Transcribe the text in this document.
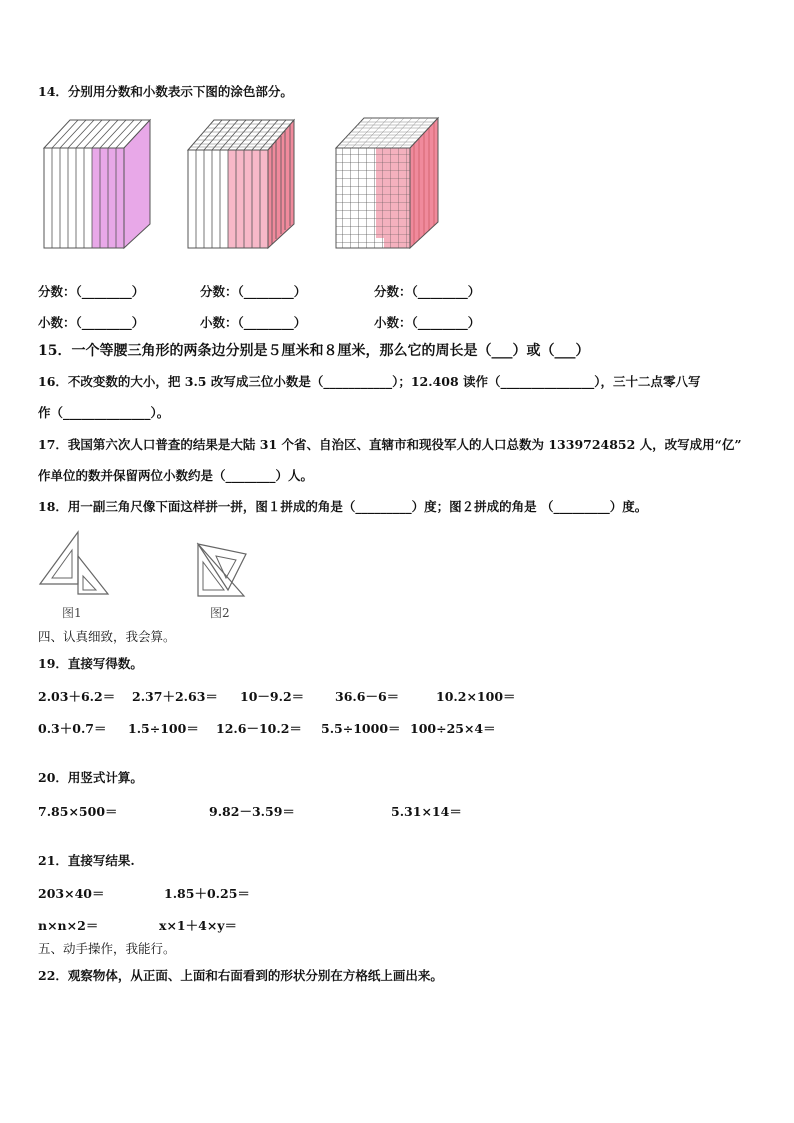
14．分别用分数和小数表示下图的涂色部分。
分数：（________）	分数：（________）	分数：（________）
小数：（________）	小数：（________）	小数：（________）
15．一个等腰三角形的两条边分别是５厘米和８厘米，那么它的周长是（___）或（___）
16．不改变数的大小，把 3.5 改写成三位小数是（___________）；12.408 读作（_______________），三十二点零八写
作（______________）。
17．我国第六次人口普查的结果是大陆 31 个省、自治区、直辖市和现役军人的人口总数为 1339724852 人，改写成用“亿”
作单位的数并保留两位小数约是（________）人。
18．用一副三角尺像下面这样拼一拼，图１拼成的角是（_________）度；图２拼成的角是 （_________）度。
图1	图2
四、认真细致，我会算。
19．直接写得数。
2.03＋6.2＝ 2.37＋2.63＝ 10－9.2＝ 36.6－6＝	10.2×100＝
0.3＋0.7＝ 1.5÷100＝ 12.6－10.2＝ 5.5÷1000＝ 100÷25×4＝
20．用竖式计算。
7.85×500＝	9.82－3.59＝	5.31×14＝
21．直接写结果.
203×40＝	1.85＋0.25＝
n×n×2＝	x×1＋4×y＝
五、动手操作，我能行。
22．观察物体，从正面、上面和右面看到的形状分别在方格纸上画出来。
